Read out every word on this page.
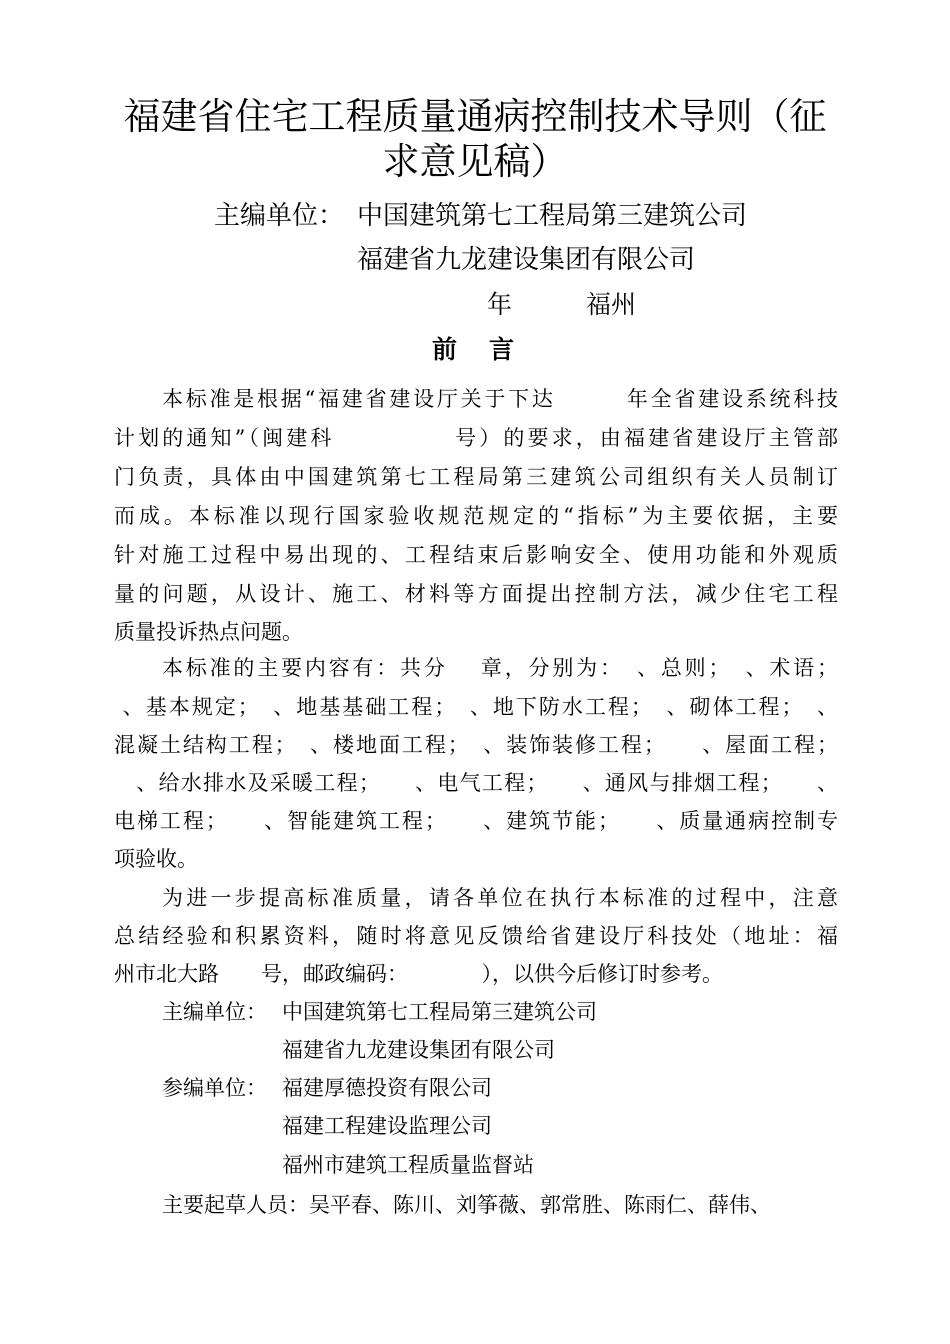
福建省住宅工程质量通病控制技术导则（征
求意见稿）
主编单位： 中国建筑第七工程局第三建筑公司
福建省九龙建设集团有限公司
年	福州
前 言
本标准是根据“福建省建设厅关于下达　　　年全省建设系统科技
计划的通知”（闽建科　　　　　号）的要求，由福建省建设厅主管部
门负责，具体由中国建筑第七工程局第三建筑公司组织有关人员制订
而成。本标准以现行国家验收规范规定的“指标”为主要依据，主要
针对施工过程中易出现的、工程结束后影响安全、使用功能和外观质
量的问题，从设计、施工、材料等方面提出控制方法，减少住宅工程
质量投诉热点问题。
本标准的主要内容有：共分　 章，分别为：　、总则；　、术语；
、基本规定；　、地基基础工程；　、地下防水工程；　、砌体工程；　、
混凝土结构工程；　、楼地面工程；　、装饰装修工程；　　、屋面工程；
　、给水排水及采暖工程；　　、电气工程；　　、通风与排烟工程；　　、
电梯工程；　　、智能建筑工程；　　、建筑节能；　　、质量通病控制专
项验收。
为进一步提高标准质量，请各单位在执行本标准的过程中，注意
总结经验和积累资料，随时将意见反馈给省建设厅科技处（地址：福
州市北大路　　号，邮政编码：　　　　），以供今后修订时参考。
主编单位： 中国建筑第七工程局第三建筑公司
福建省九龙建设集团有限公司
参编单位： 福建厚德投资有限公司
福建工程建设监理公司
福州市建筑工程质量监督站
主要起草人员：吴平春、陈川、刘筝薇、郭常胜、陈雨仁、薛伟、
